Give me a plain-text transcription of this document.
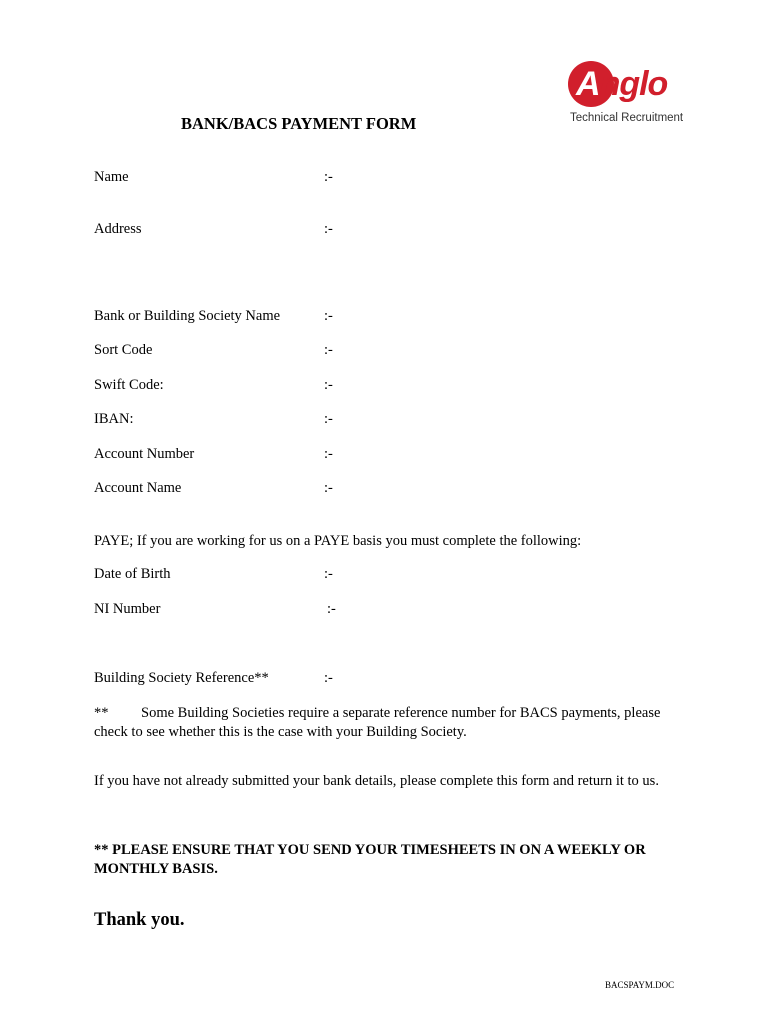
Anglo
Technical Recruitment
BANK/BACS PAYMENT FORM
Name	:-
Address	:-
Bank or Building Society Name	:-
Sort Code	:-
Swift Code:	:-
IBAN:	:-
Account Number	:-
Account Name	:-
PAYE; If you are working for us on a PAYE basis you must complete the following:
Date of Birth	:-
NI Number	:-
Building Society Reference**	:-
** Some Building Societies require a separate reference number for BACS payments, please check to see whether this is the case with your Building Society.
If you have not already submitted your bank details, please complete this form and return it to us.
** PLEASE ENSURE THAT YOU SEND YOUR TIMESHEETS IN ON A WEEKLY OR MONTHLY BASIS.
Thank you.
BACSPAYM.DOC
